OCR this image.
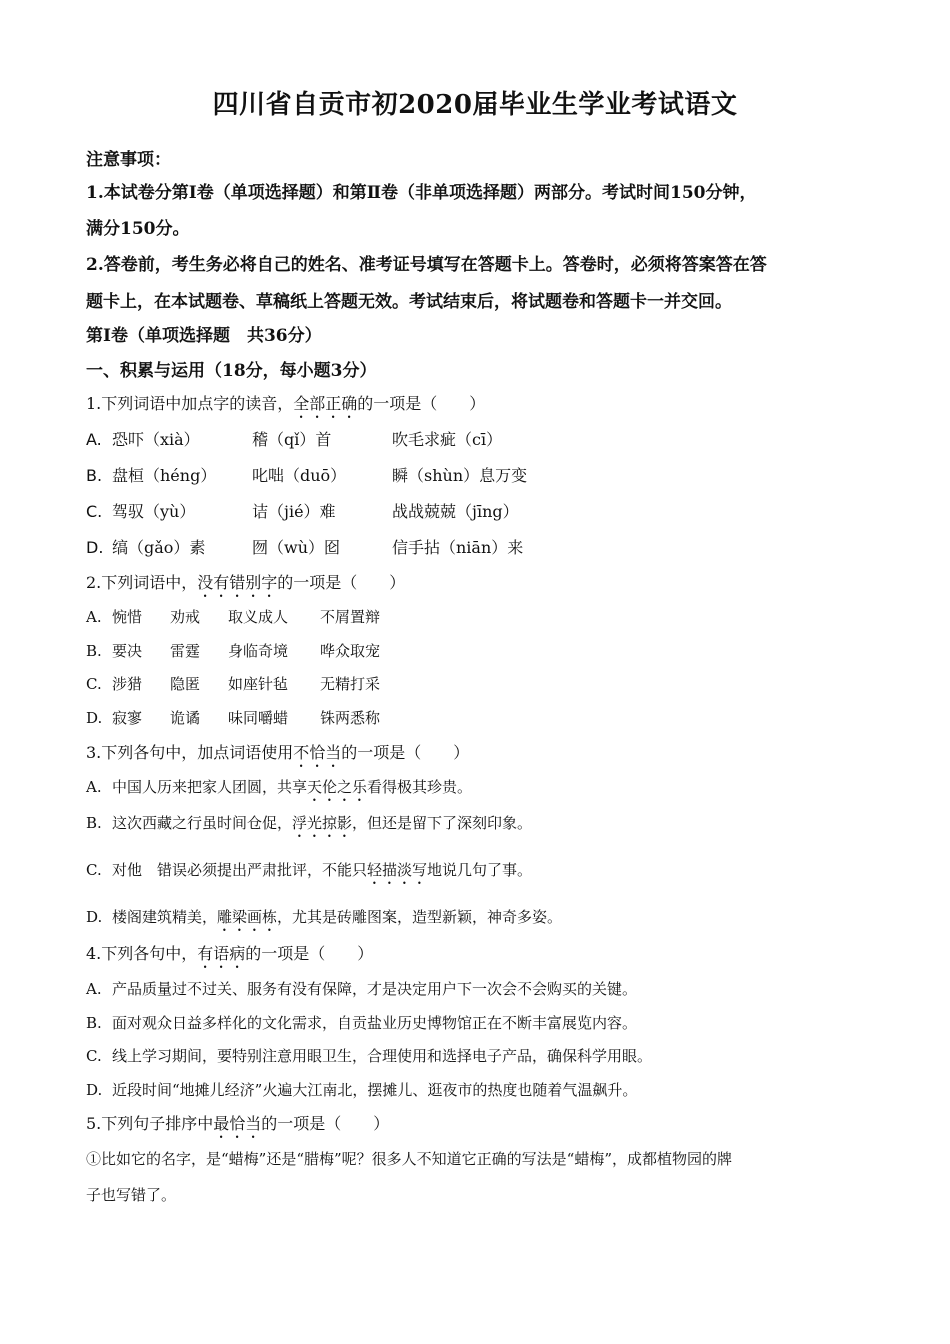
四川省自贡市初2020届毕业生学业考试语文
注意事项：
1.本试卷分第Ⅰ卷（单项选择题）和第Ⅱ卷（非单项选择题）两部分。考试时间150分钟，
满分150分。
2.答卷前，考生务必将自己的姓名、准考证号填写在答题卡上。答卷时，必须将答案答在答
题卡上，在本试题卷、草稿纸上答题无效。考试结束后，将试题卷和答题卡一并交回。
第Ⅰ卷（单项选择题　共36分）
一、积累与运用（18分，每小题3分）
1.下列词语中加点字的读音，全部正确的一项是（　　）
A. 恐吓（xià）	稽（qǐ）首	吹毛求疵（cī）
B. 盘桓（héng） 叱咄（duō）	瞬（shùn）息万变
C. 驾驭（yù）	诘（jié）难	战战兢兢（jīng）
D. 缟（gǎo）素	囫（wù）囵	信手拈（niān）来
2.下列词语中，没有错别字的一项是（　　）
A. 惋惜 劝戒 取义成人 不屑置辩
B. 要决 雷霆 身临奇境 哗众取宠
C. 涉猎 隐匿 如座针毡 无精打采
D. 寂寥 诡谲 味同嚼蜡 铢两悉称
3.下列各句中，加点词语使用不恰当的一项是（　　）
A. 中国人历来把家人团圆，共享天伦之乐看得极其珍贵。
B. 这次西藏之行虽时间仓促，浮光掠影，但还是留下了深刻印象。
C. 对他　错误必须提出严肃批评，不能只轻描淡写地说几句了事。
D. 楼阁建筑精美，雕梁画栋，尤其是砖雕图案，造型新颖，神奇多姿。
4.下列各句中，有语病的一项是（　　）
A. 产品质量过不过关、服务有没有保障，才是决定用户下一次会不会购买的关键。
B. 面对观众日益多样化的文化需求，自贡盐业历史博物馆正在不断丰富展览内容。
C. 线上学习期间，要特别注意用眼卫生，合理使用和选择电子产品，确保科学用眼。
D. 近段时间“地摊儿经济”火遍大江南北，摆摊儿、逛夜市的热度也随着气温飙升。
5.下列句子排序中最恰当的一项是（　　）
①比如它的名字，是“蜡梅”还是“腊梅”呢？很多人不知道它正确的写法是“蜡梅”，成都植物园的牌
子也写错了。
